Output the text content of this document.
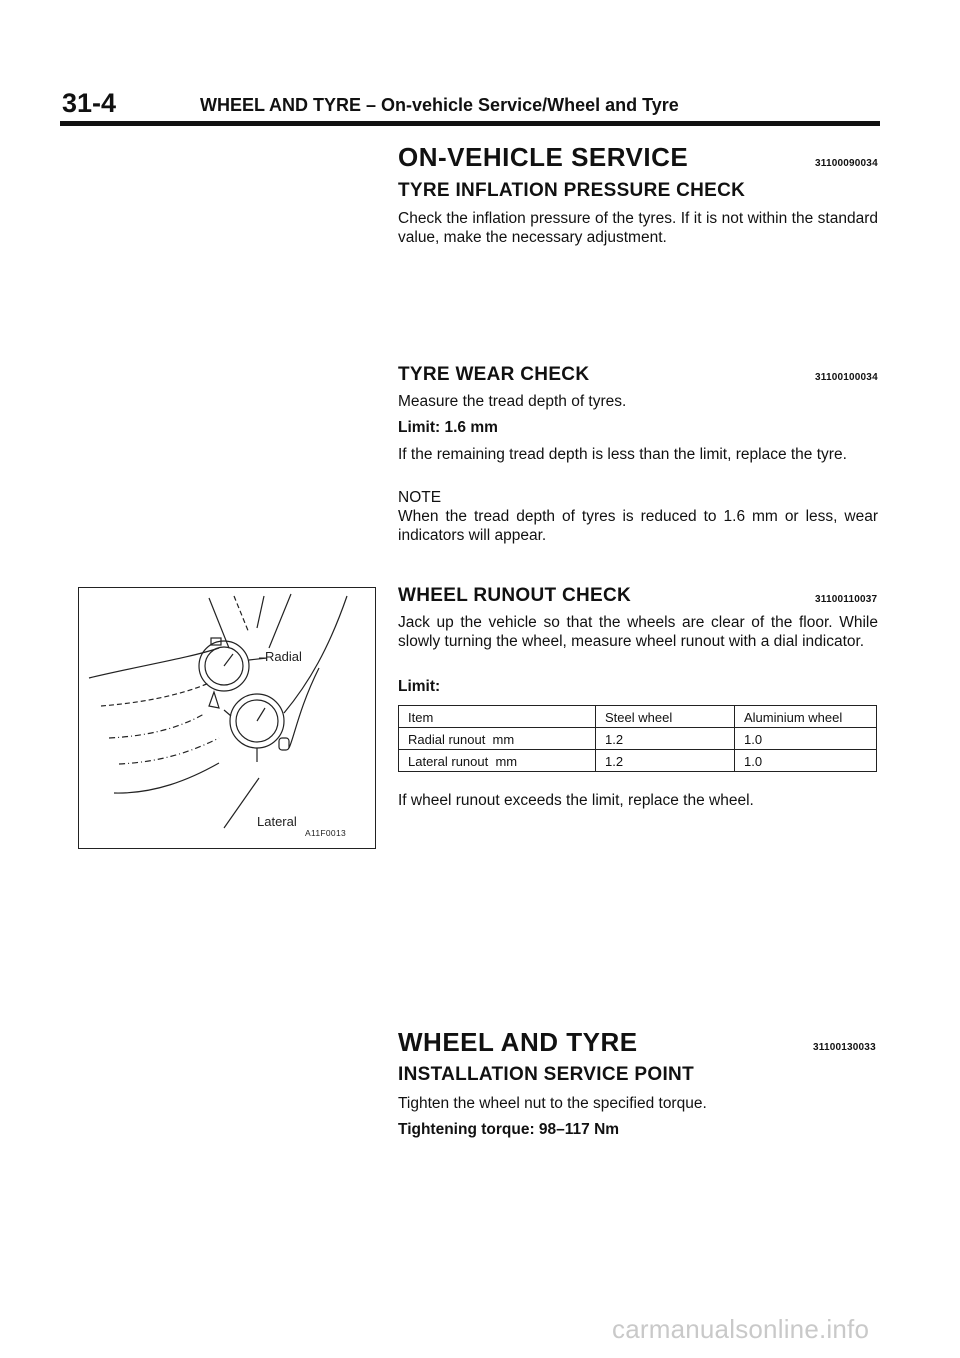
31-4	WHEEL AND TYRE – On-vehicle Service/Wheel and Tyre
ON-VEHICLE SERVICE	31100090034
TYRE INFLATION PRESSURE CHECK
Check the inflation pressure of the tyres. If it is not within the standard value, make the necessary adjustment.
TYRE WEAR CHECK	31100100034
Measure the tread depth of tyres.
Limit: 1.6 mm
If the remaining tread depth is less than the limit, replace the tyre.
NOTE
When the tread depth of tyres is reduced to 1.6 mm or less, wear indicators will appear.
Radial
Lateral
A11F0013
WHEEL RUNOUT CHECK	31100110037
Jack up the vehicle so that the wheels are clear of the floor. While slowly turning the wheel, measure wheel runout with a dial indicator.
Limit:
Item	Steel wheel	Aluminium wheel
Radial runout  mm	1.2	1.0
Lateral runout  mm	1.2	1.0
If wheel runout exceeds the limit, replace the wheel.
WHEEL AND TYRE	31100130033
INSTALLATION SERVICE POINT
Tighten the wheel nut to the specified torque.
Tightening torque: 98–117 Nm
carmanualsonline.info
